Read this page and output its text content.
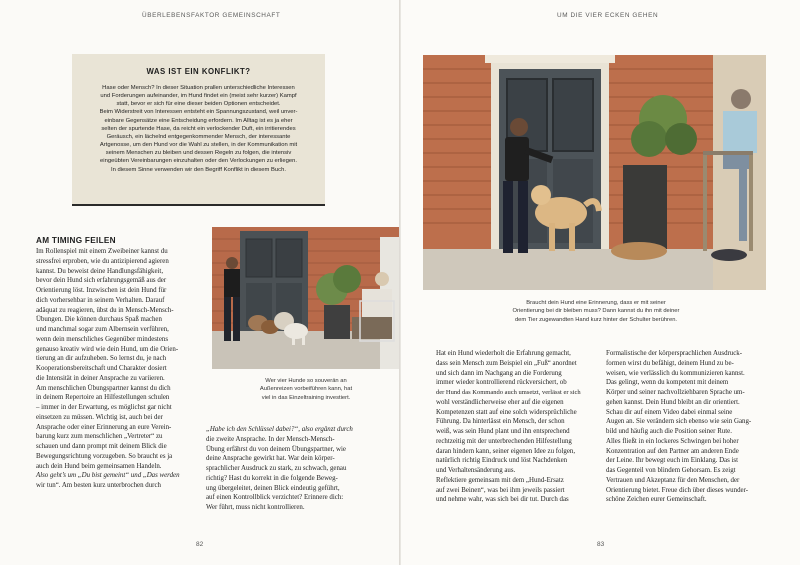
ÜBERLEBENSFAKTOR GEMEINSCHAFT
WAS IST EIN KONFLIKT?
Hase oder Mensch? In dieser Situation prallen unterschiedliche Interessen
und Forderungen aufeinander, im Hund findet ein (meist sehr kurzer) Kampf
statt, bevor er sich für eine dieser beiden Optionen entscheidet.
Beim Widerstreit von Interessen entsteht ein Spannungszustand, weil unver-
einbare Gegensätze eine Entscheidung erfordern. Im Alltag ist es ja eher
selten der spurtende Hase, da reicht ein verlockender Duft, ein irritierendes
Geräusch, ein lächelnd entgegenkommender Mensch, der interessante
Artgenosse, um den Hund vor die Wahl zu stellen, in der Kommunikation mit
seinem Menschen zu bleiben und dessen Regeln zu folgen, die intensiv
eingeübten Vereinbarungen einzuhalten oder den Verlockungen zu erliegen.
In diesem Sinne verwenden wir den Begriff Konflikt in diesem Buch.
AM TIMING FEILEN
Im Rollenspiel mit einem Zweibeiner kannst du
stressfrei erproben, wie du antizipierend agieren
kannst. Du beweist deine Handlungsfähigkeit,
bevor dein Hund sich erfahrungsgemäß aus der
Orientierung löst. Inzwischen ist dein Hund für
dich vorhersehbar in seinem Verhalten. Darauf
adäquat zu reagieren, übst du in Mensch-Mensch-
Übungen. Die können durchaus Spaß machen
und manchmal sogar zum Albernsein verführen,
wenn dein menschliches Gegenüber mindestens
genauso kreativ wird wie dein Hund, um die Orien-
tierung an dir aufzuheben. So lernst du, je nach
Kooperationsbereitschaft und Charakter dosiert
die Intensität in deiner Ansprache zu variieren.
Am menschlichen Übungspartner kannst du dich
in deinem Repertoire an Hilfestellungen schulen
– immer in der Erwartung, es möglichst gar nicht
einsetzen zu müssen. Wichtig ist, auch bei der
Ansprache oder einer Erinnerung an eure Verein-
barung kurz zum menschlichen „Vertreter“ zu
schauen und dann prompt mit deinem Blick die
Bewegungsrichtung vorzugeben. So braucht es ja
auch dein Hund beim gemeinsamen Handeln.
Also geht’s um „Du bist gemeint“ und „Das werden
wir tun“. Am besten kurz unterbrochen durch
Wer vier Hunde so souverän an
Außenreizen vorbeiführen kann, hat
viel in das Einzeltraining investiert.
„Habe ich den Schlüssel dabei?“, also ergänzt durch
die zweite Ansprache. In der Mensch-Mensch-
Übung erfährst du von deinem Übungspartner, wie
deine Ansprache gewirkt hat. War dein körper-
sprachlicher Ausdruck zu stark, zu schwach, genau
richtig? Hast du korrekt in die folgende Beweg-
ung übergeleitet, deinen Blick eindeutig geführt,
auf einen Kontrollblick verzichtet? Erinnere dich:
Wer führt, muss nicht kontrollieren.
82
UM DIE VIER ECKEN GEHEN
Braucht dein Hund eine Erinnerung, dass er mit seiner
Orientierung bei dir bleiben muss? Dann kannst du ihn mit deiner
dem Tier zugewandten Hand kurz hinter der Schulter berühren.
Hat ein Hund wiederholt die Erfahrung gemacht,
dass sein Mensch zum Beispiel ein „Fuß“ anordnet
und sich dann im Nachgang an die Forderung
immer wieder kontrollierend rückversichert, ob
der Hund das Kommando auch umsetzt, verlässt er sich
wohl verständlicherweise eher auf die eigenen
Kompetenzen statt auf eine solch widersprüchliche
Führung. Da hinterlässt ein Mensch, der schon
weiß, was sein Hund plant und ihn entsprechend
rechtzeitig mit der unterbrechenden Hilfestellung
daran hindern kann, seiner eigenen Idee zu folgen,
natürlich richtig Eindruck und löst Nachdenken
und Verhaltensänderung aus.
Reflektiere gemeinsam mit dem „Hund-Ersatz
auf zwei Beinen“, was bei ihm jeweils passiert
und nehme wahr, was sich bei dir tut. Durch das
Formalistische der körpersprachlichen Ausdruck-
formen wirst du befähigt, deinem Hund zu be-
weisen, wie verlässlich du kommunizieren kannst.
Das gelingt, wenn du kompetent mit deinem
Körper und seiner nachvollziehbaren Sprache um-
gehen kannst. Dein Hund bleibt an dir orientiert.
Schau dir auf einem Video dabei einmal seine
Augen an. Sie verändern sich ebenso wie sein Gang-
bild und häufig auch die Position seiner Rute.
Alles fließt in ein lockeres Schwingen bei hoher
Konzentration auf den Partner am anderen Ende
der Leine. Ihr bewegt euch im Einklang. Das ist
das Gegenteil von blindem Gehorsam. Es zeigt
Vertrauen und Akzeptanz für den Menschen, der
Orientierung bietet. Freue dich über dieses wunder-
schöne Zeichen eurer Gemeinschaft.
83
